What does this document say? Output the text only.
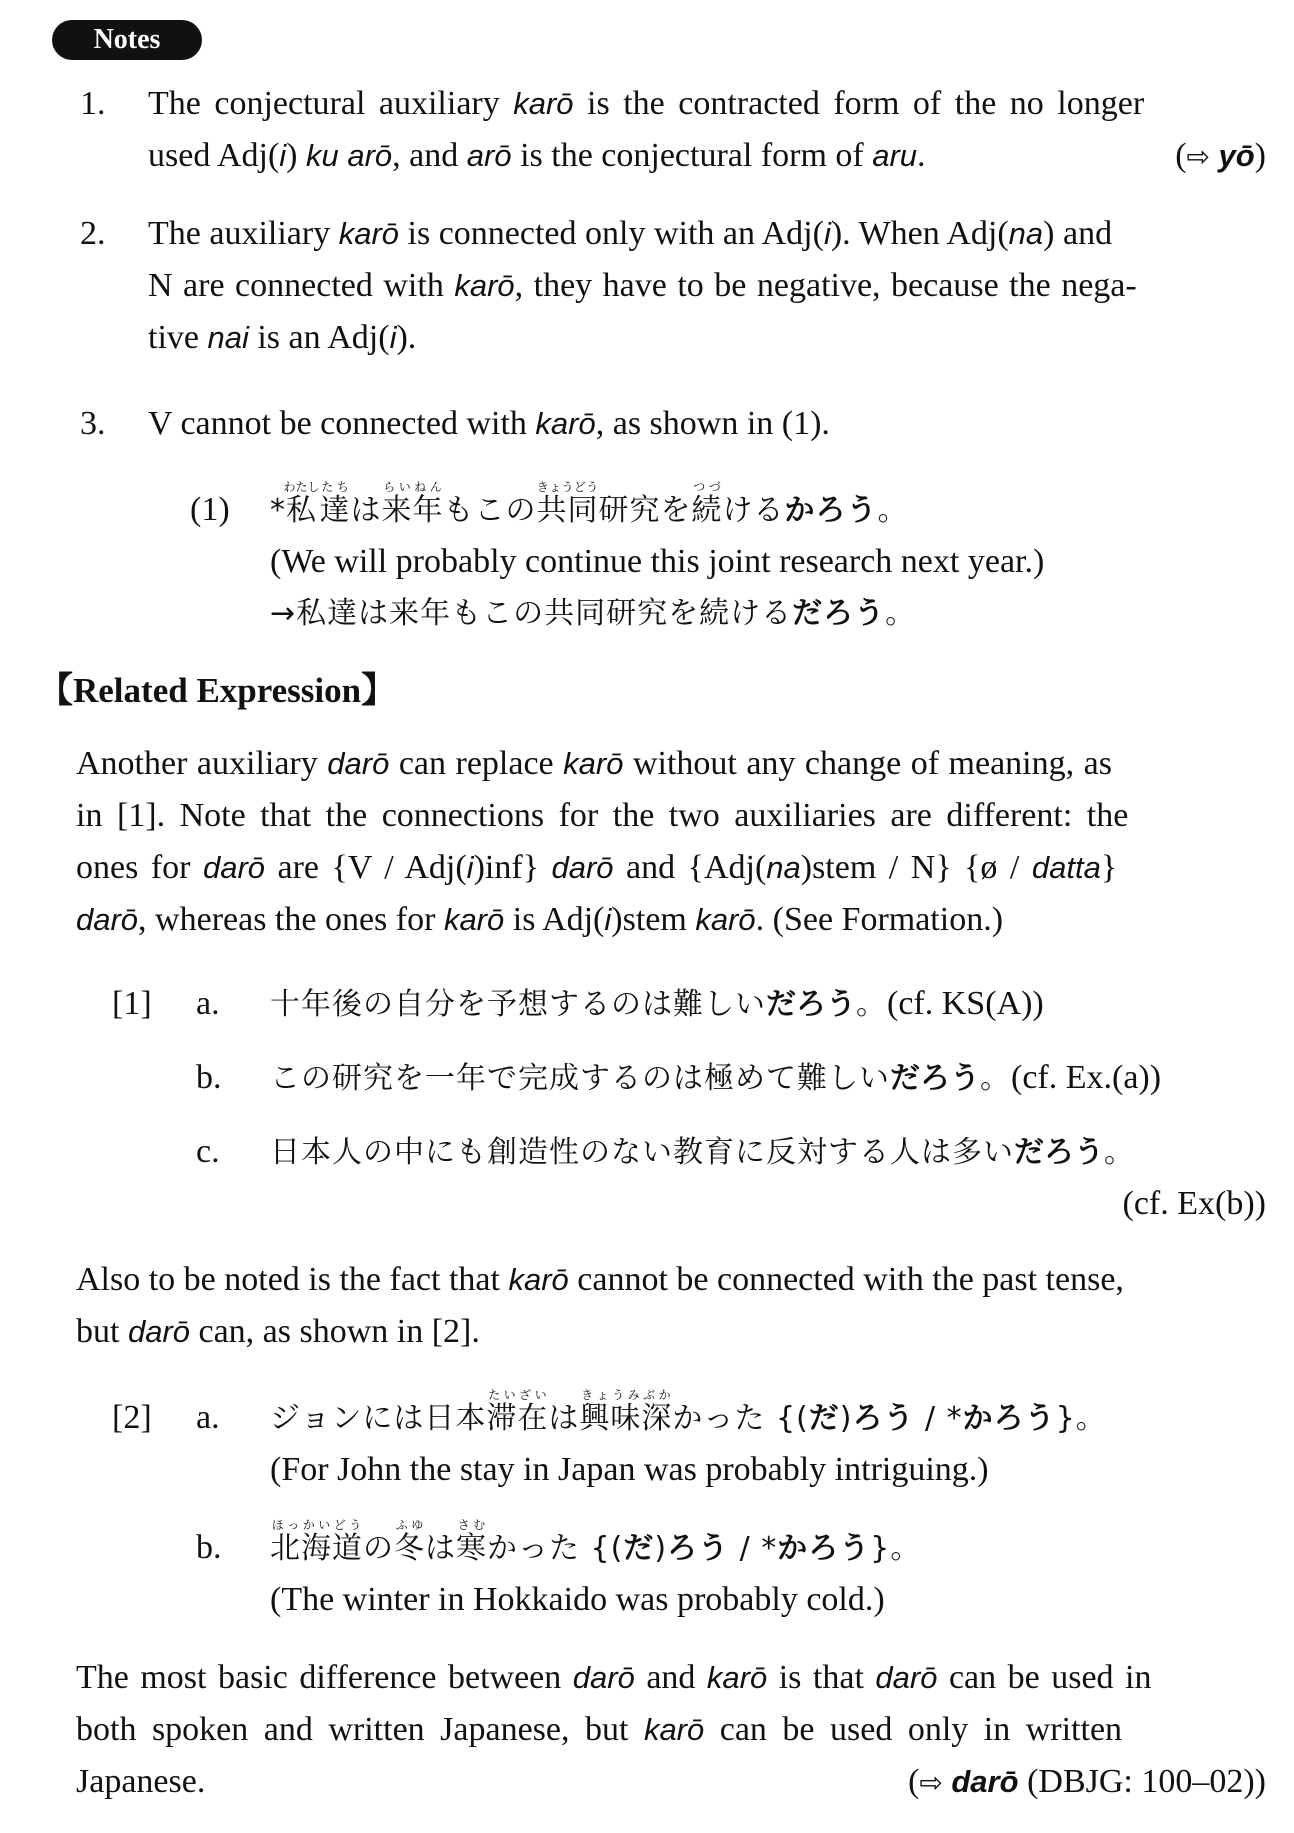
Notes
1. The conjectural auxiliary karō is the contracted form of the no longer
used Adj(i) ku arō, and arō is the conjectural form of aru.	(⇨ yō)
2. The auxiliary karō is connected only with an Adj(i). When Adj(na) and
N are connected with karō, they have to be negative, because the nega-
tive nai is an Adj(i).
3. V cannot be connected with karō, as shown in (1).
(1) *私わたし達たちは来年らいねんもこの共同きょうどう研究を続つづけるかろう。
(We will probably continue this joint research next year.)
→私達は来年もこの共同研究を続けるだろう。
【Related Expression】
Another auxiliary darō can replace karō without any change of meaning, as
in [1]. Note that the connections for the two auxiliaries are different: the
ones for darō are {V / Adj(i)inf} darō and {Adj(na)stem / N} {ø / datta}
darō, whereas the ones for karō is Adj(i)stem karō. (See Formation.)
[1] a. 十年後の自分を予想するのは難しいだろう。(cf. KS(A))
b. この研究を一年で完成するのは極めて難しいだろう。(cf. Ex.(a))
c. 日本人の中にも創造性のない教育に反対する人は多いだろう。
(cf. Ex(b))
Also to be noted is the fact that karō cannot be connected with the past tense,
but darō can, as shown in [2].
[2] a. ジョンには日本滞在たいざいは興味きょうみ深ぶかかった {(だ)ろう / *かろう}。
(For John the stay in Japan was probably intriguing.)
b. 北海道ほっかいどうの冬ふゆは寒さむかった {(だ)ろう / *かろう}。
(The winter in Hokkaido was probably cold.)
The most basic difference between darō and karō is that darō can be used in
both spoken and written Japanese, but karō can be used only in written
Japanese.	(⇨ darō (DBJG: 100–02))
